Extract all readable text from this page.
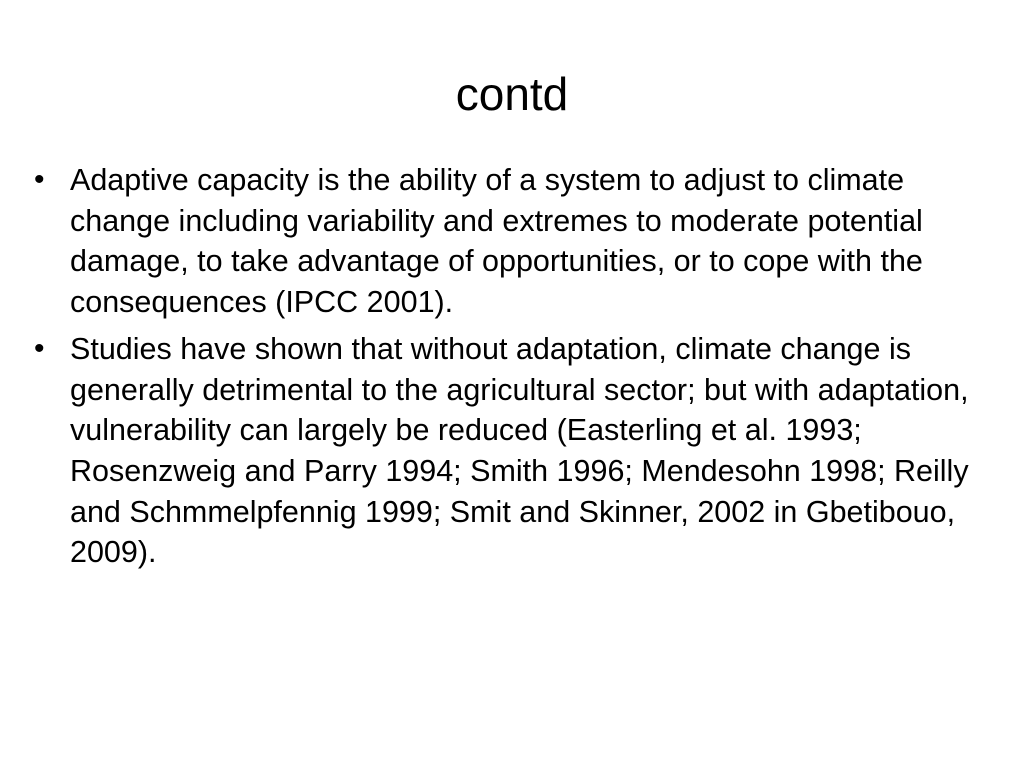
contd
• Adaptive capacity is the ability of a system to adjust to climate change including variability and extremes to moderate potential damage, to take advantage of opportunities, or to cope with the consequences (IPCC 2001).
• Studies have shown that without adaptation, climate change is generally detrimental to the agricultural sector; but with adaptation, vulnerability can largely be reduced (Easterling et al. 1993; Rosenzweig and Parry 1994; Smith 1996; Mendesohn 1998; Reilly and Schmmelpfennig 1999; Smit and Skinner, 2002 in Gbetibouo, 2009).
